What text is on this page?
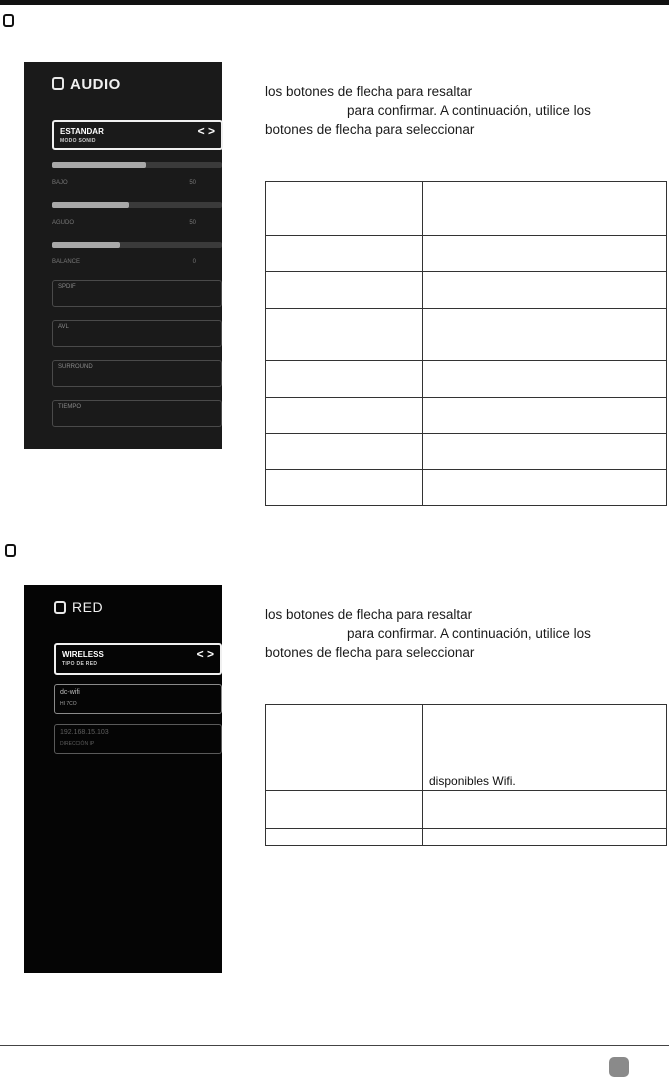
AUDIO
ESTANDAR
MODO SONID
< >
BAJO	50
AGUDO	50
BALANCE	0
SPDIF
AVL
SURROUND
TIEMPO
los botones de flecha para resaltar
para confirmar. A continuación, utilice los
botones de flecha para seleccionar

RED
WIRELESS
TIPO DE RED
< >
dc-wifi
HI 7CO
192.168.15.103
DIRECCIÓN IP
los botones de flecha para resaltar
para confirmar. A continuación, utilice los
botones de flecha para seleccionar
	disponibles Wifi.
